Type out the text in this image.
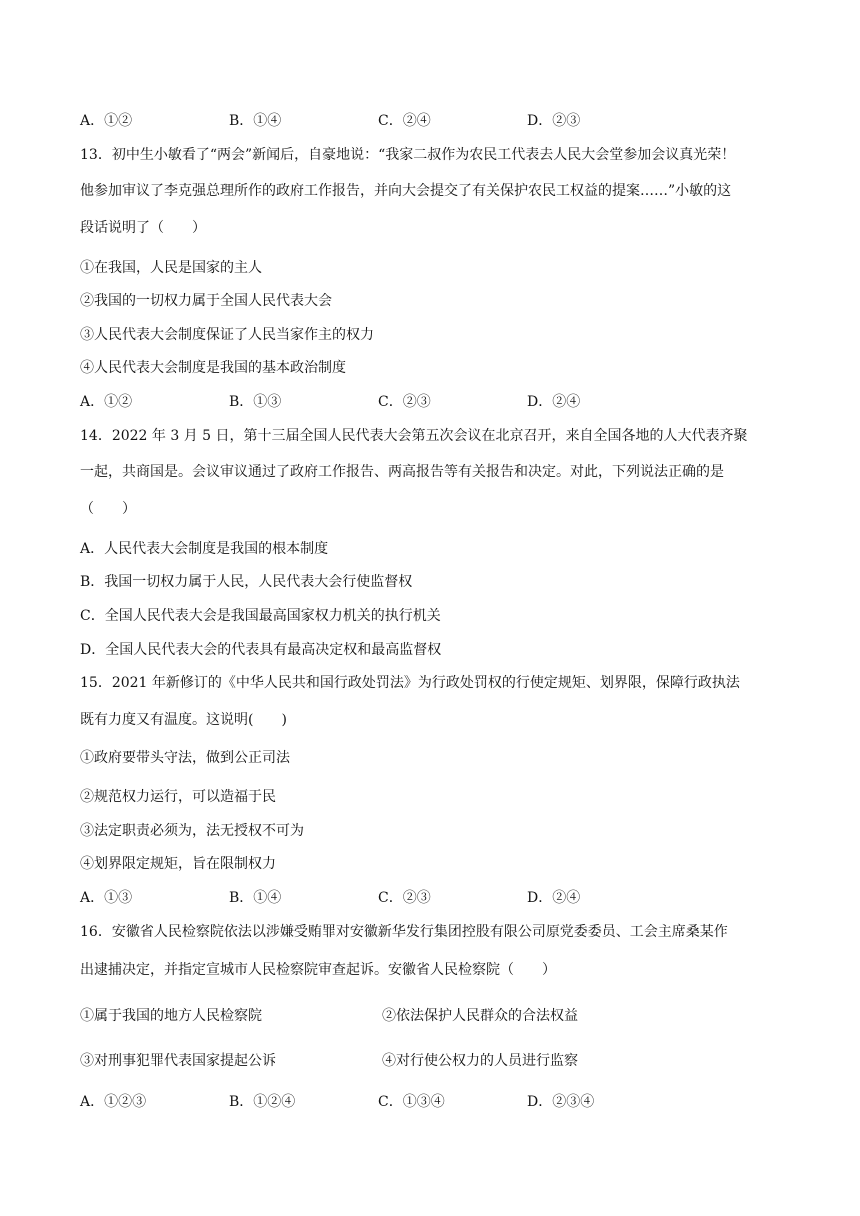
A．①②	B．①④	C．②④	D．②③
13．初中生小敏看了“两会”新闻后，自豪地说：“我家二叔作为农民工代表去人民大会堂参加会议真光荣！
他参加审议了李克强总理所作的政府工作报告，并向大会提交了有关保护农民工权益的提案……”小敏的这
段话说明了（　　）
①在我国，人民是国家的主人
②我国的一切权力属于全国人民代表大会
③人民代表大会制度保证了人民当家作主的权力
④人民代表大会制度是我国的基本政治制度
A．①②	B．①③	C．②③	D．②④
14．2022 年 3 月 5 日，第十三届全国人民代表大会第五次会议在北京召开，来自全国各地的人大代表齐聚
一起，共商国是。会议审议通过了政府工作报告、两高报告等有关报告和决定。对此，下列说法正确的是
（　　）
A．人民代表大会制度是我国的根本制度
B．我国一切权力属于人民，人民代表大会行使监督权
C．全国人民代表大会是我国最高国家权力机关的执行机关
D．全国人民代表大会的代表具有最高决定权和最高监督权
15．2021 年新修订的《中华人民共和国行政处罚法》为行政处罚权的行使定规矩、划界限，保障行政执法
既有力度又有温度。这说明(　　)
①政府要带头守法，做到公正司法
②规范权力运行，可以造福于民
③法定职责必须为，法无授权不可为
④划界限定规矩，旨在限制权力
A．①③	B．①④	C．②③	D．②④
16．安徽省人民检察院依法以涉嫌受贿罪对安徽新华发行集团控股有限公司原党委委员、工会主席桑某作
出逮捕决定，并指定宣城市人民检察院审查起诉。安徽省人民检察院（　　）
①属于我国的地方人民检察院	②依法保护人民群众的合法权益
③对刑事犯罪代表国家提起公诉	④对行使公权力的人员进行监察
A．①②③	B．①②④	C．①③④	D．②③④
